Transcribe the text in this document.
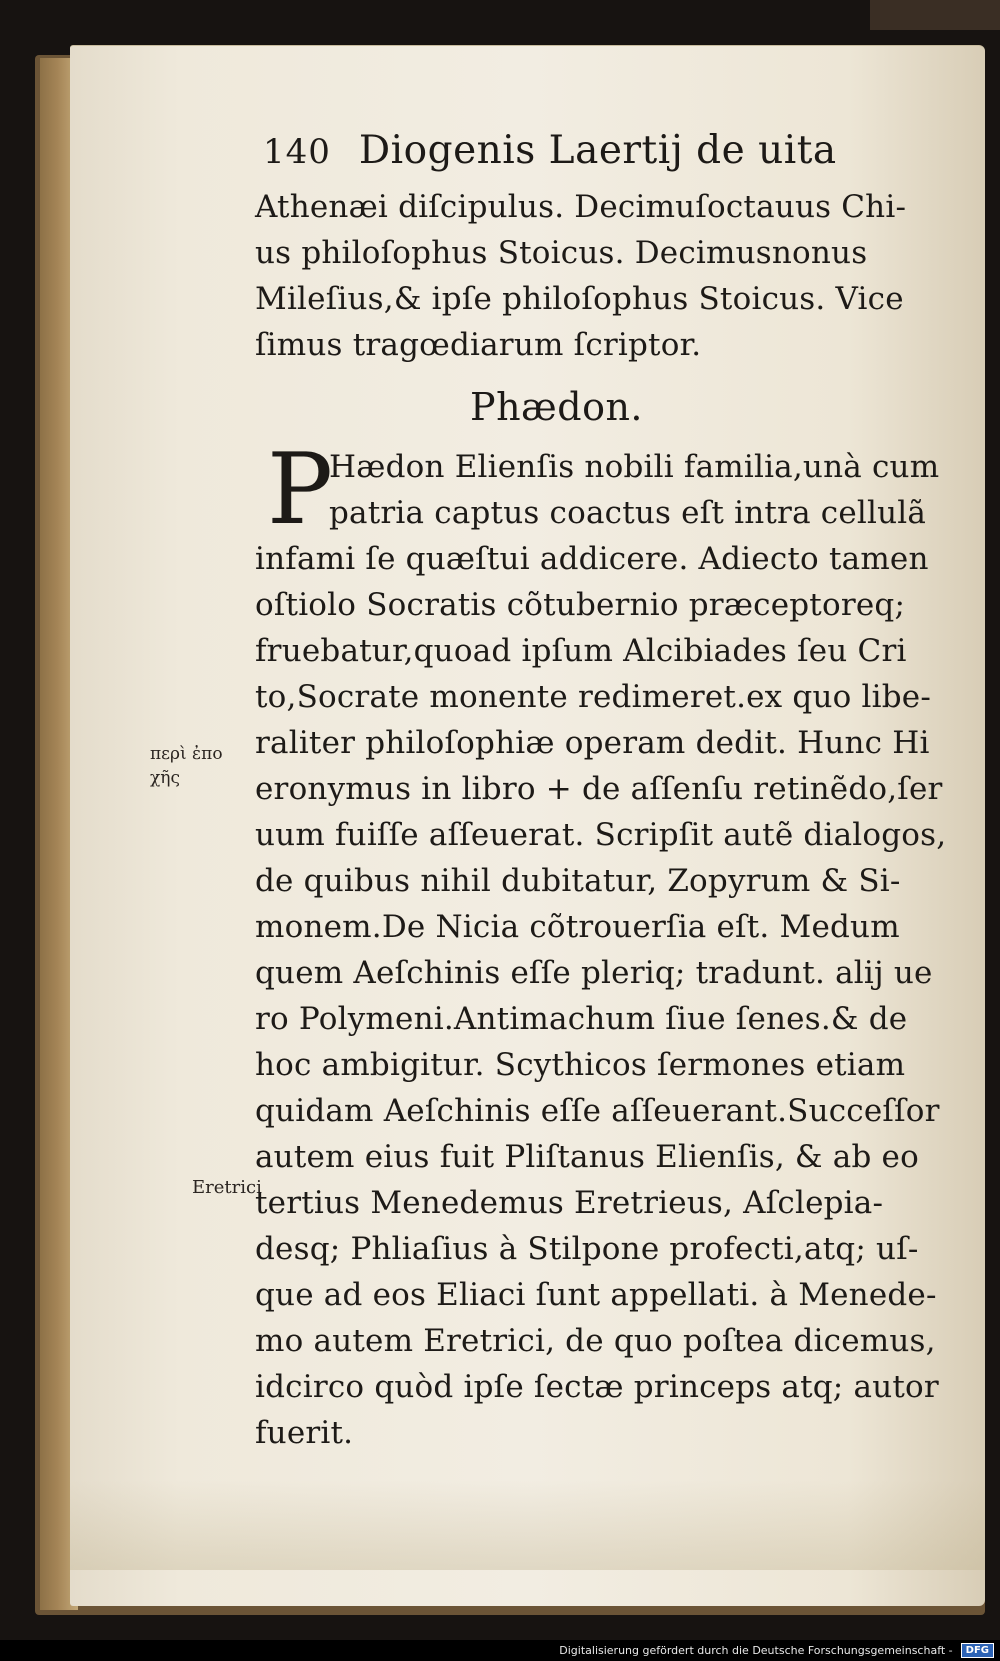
περὶ ἐπο
χῆς
Eretrici
140 Diogenis Laertij de uita
Athenæi diſcipulus. Decimuſoctauus Chi-
us philoſophus Stoicus. Decimusnonus
Mileſius,& ipſe philoſophus Stoicus. Vice
ſimus tragœdiarum ſcriptor.
Phædon.
P
Hædon Elienſis nobili familia,unà cum
patria captus coactus eſt intra cellulã
infami ſe quæſtui addicere. Adiecto tamen
oſtiolo Socratis cõtubernio præceptoreq;
fruebatur,quoad ipſum Alcibiades ſeu Cri
to,Socrate monente redimeret.ex quo libe-
raliter philoſophiæ operam dedit. Hunc Hi
eronymus in libro + de aſſenſu retinẽdo,ſer
uum fuiſſe aſſeuerat. Scripſit autẽ dialogos,
de quibus nihil dubitatur, Zopyrum & Si-
monem.De Nicia cõtrouerſia eſt. Medum
quem Aeſchinis eſſe pleriq; tradunt. alij ue
ro Polymeni.Antimachum ſiue ſenes.& de
hoc ambigitur. Scythicos ſermones etiam
quidam Aeſchinis eſſe aſſeuerant.Succeſſor
autem eius fuit Pliſtanus Elienſis, & ab eo
tertius Menedemus Eretrieus, Aſclepia-
desq; Phliaſius à Stilpone profecti,atq; uſ-
que ad eos Eliaci ſunt appellati. à Menede-
mo autem Eretrici, de quo poſtea dicemus,
idcirco quòd ipſe ſectæ princeps atq; autor
fuerit.
Digitalisierung gefördert durch die Deutsche Forschungsgemeinschaft -	DFG
